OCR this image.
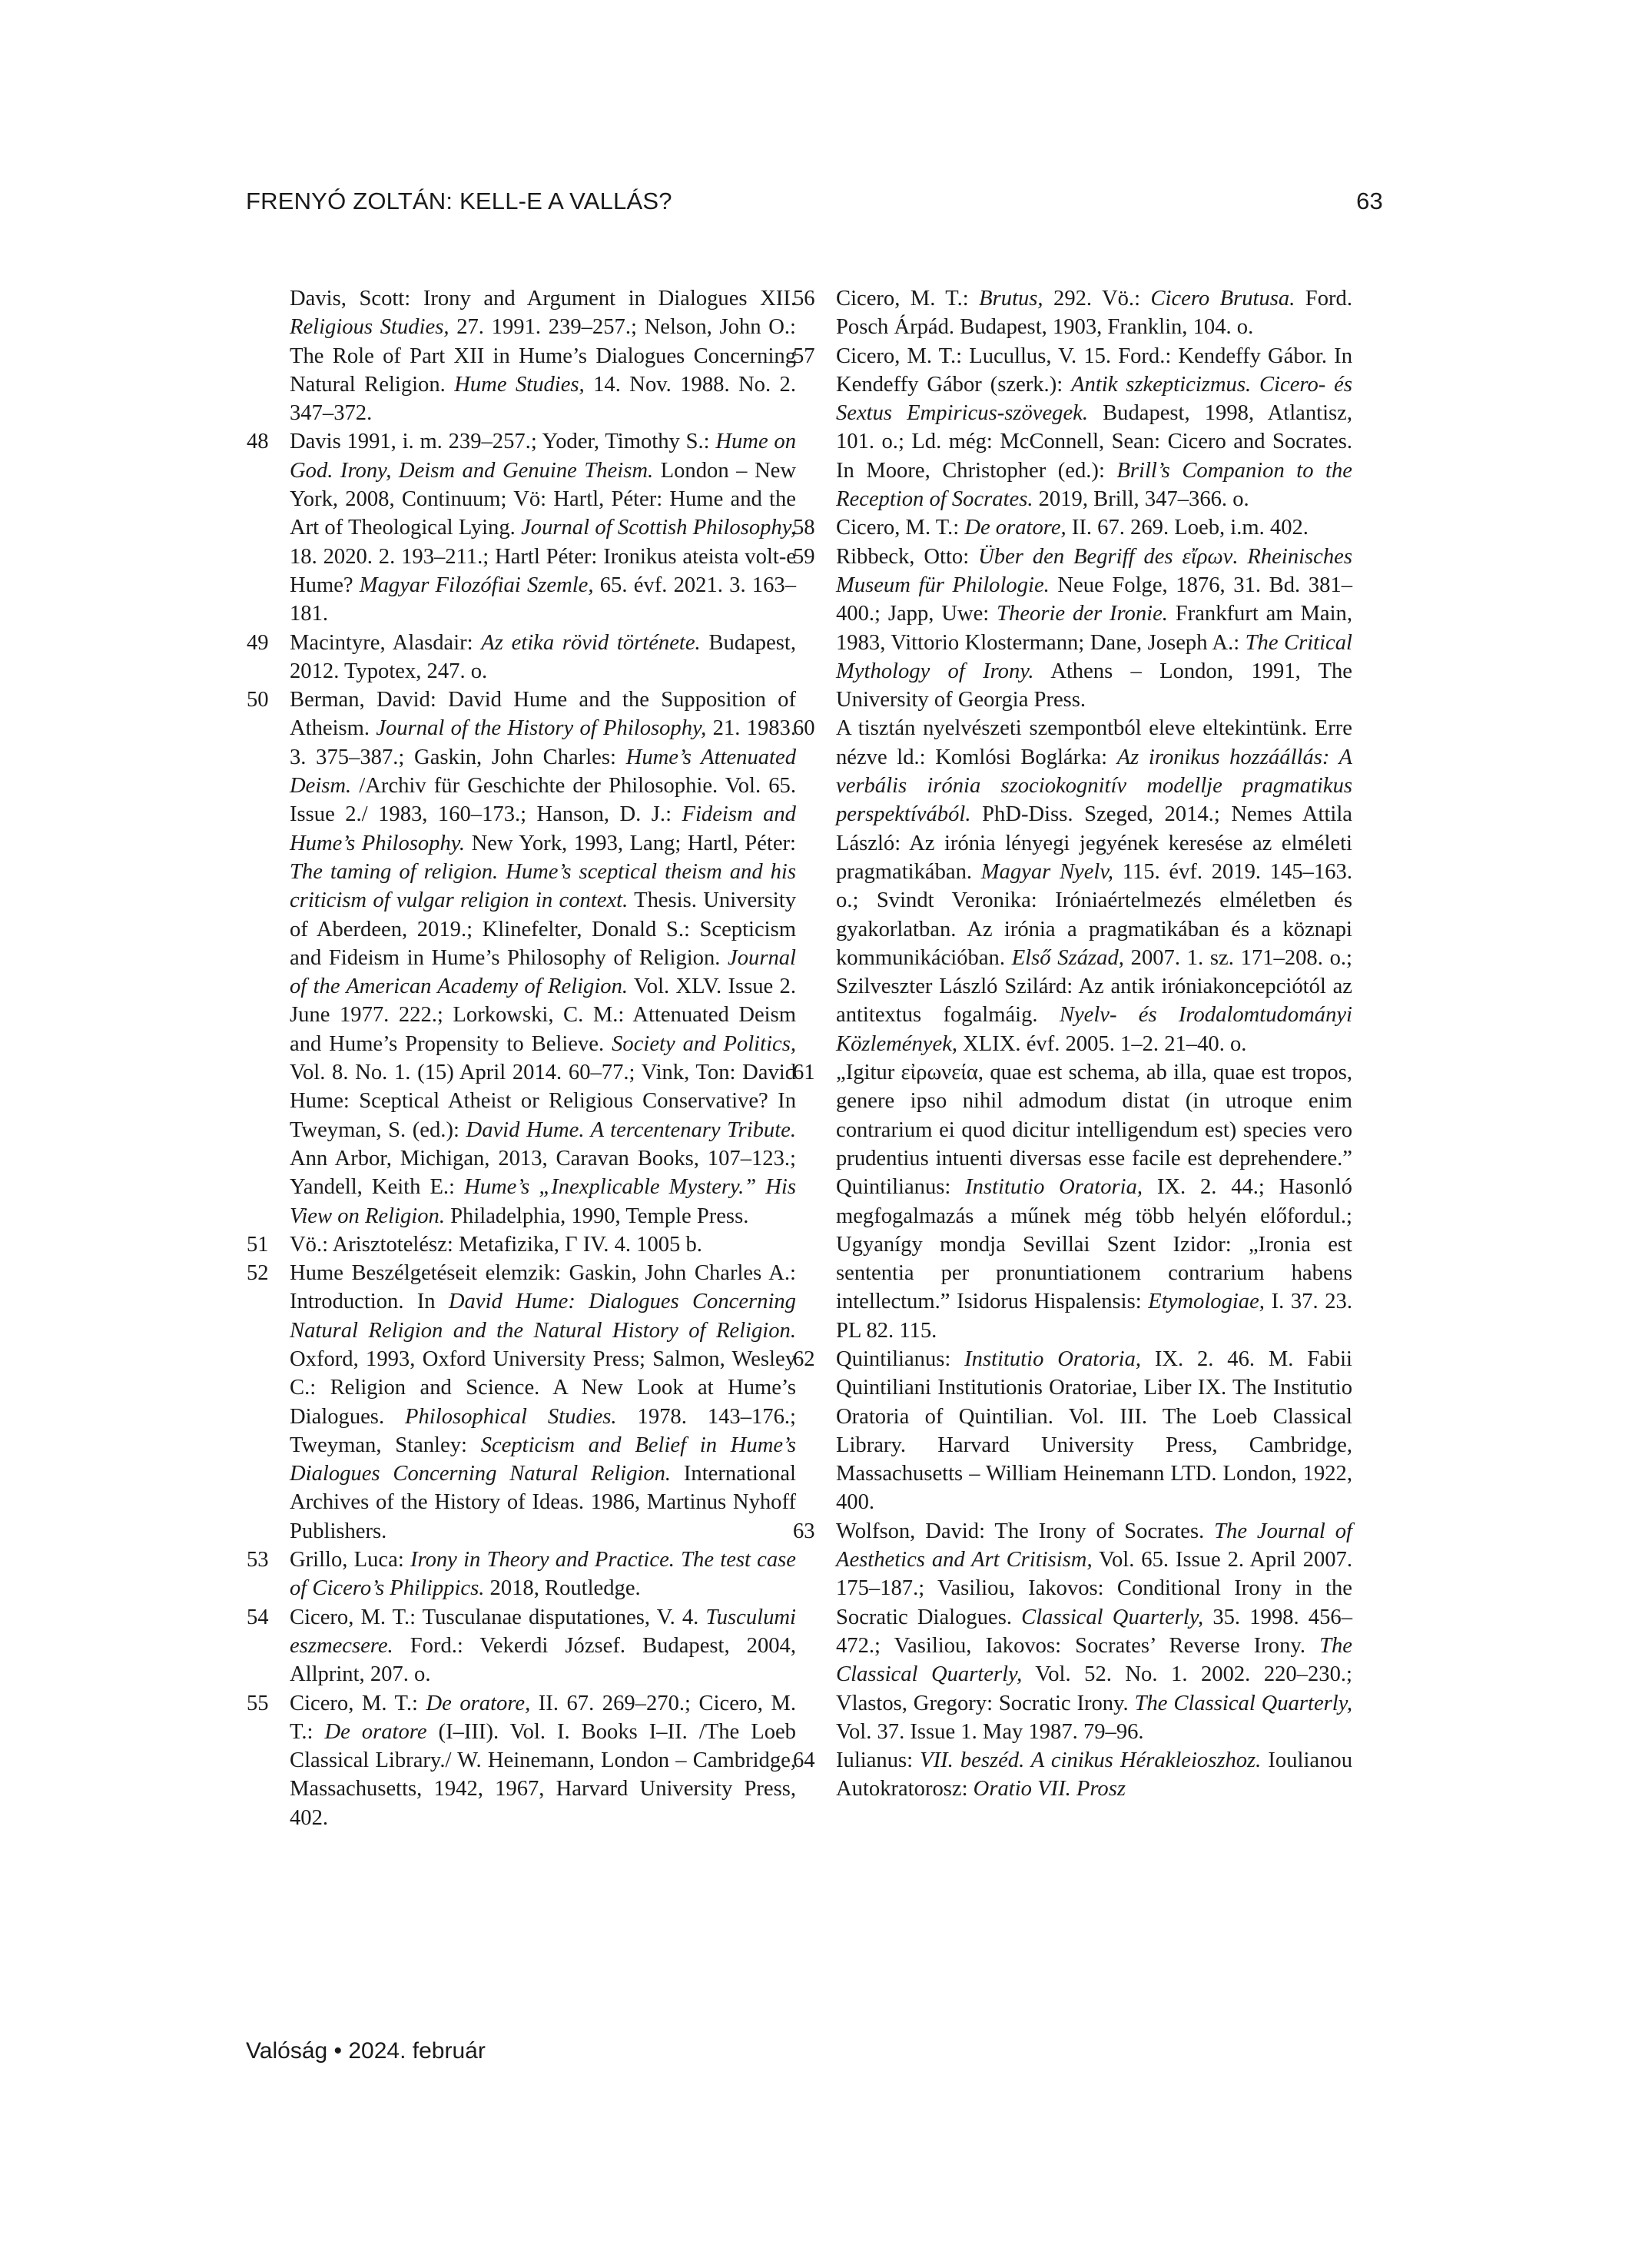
FRENYÓ ZOLTÁN: KELL-E A VALLÁS?	63
Davis, Scott: Irony and Argument in Dialogues XII. Religious Studies, 27. 1991. 239–257.; Nelson, John O.: The Role of Part XII in Hume’s Dialogues Concerning Natural Religion. Hume Studies, 14. Nov. 1988. No. 2. 347–372.
48 Davis 1991, i. m. 239–257.; Yoder, Timothy S.: Hume on God. Irony, Deism and Genuine Theism. London – New York, 2008, Continuum; Vö: Hartl, Péter: Hume and the Art of Theological Lying. Journal of Scottish Philosophy, 18. 2020. 2. 193–211.; Hartl Péter: Ironikus ateista volt-e Hume? Magyar Filozófiai Szemle, 65. évf. 2021. 3. 163–181.
49 Macintyre, Alasdair: Az etika rövid története. Budapest, 2012. Typotex, 247. o.
50 Berman, David: David Hume and the Supposition of Atheism. Journal of the History of Philosophy, 21. 1983. 3. 375–387.; Gaskin, John Charles: Hume’s Attenuated Deism. /Archiv für Geschichte der Philosophie. Vol. 65. Issue 2./ 1983, 160–173.; Hanson, D. J.: Fideism and Hume’s Philosophy. New York, 1993, Lang; Hartl, Péter: The taming of religion. Hume’s sceptical theism and his criticism of vulgar religion in context. Thesis. University of Aberdeen, 2019.; Klinefelter, Donald S.: Scepticism and Fideism in Hume’s Philosophy of Religion. Journal of the American Academy of Religion. Vol. XLV. Issue 2. June 1977. 222.; Lorkowski, C. M.: Attenuated Deism and Hume’s Propensity to Believe. Society and Politics, Vol. 8. No. 1. (15) April 2014. 60–77.; Vink, Ton: David Hume: Sceptical Atheist or Religious Conservative? In Tweyman, S. (ed.): David Hume. A tercentenary Tribute. Ann Arbor, Michigan, 2013, Caravan Books, 107–123.; Yandell, Keith E.: Hume’s „Inexplicable Mystery.” His View on Religion. Philadelphia, 1990, Temple Press.
51 Vö.: Arisztotelész: Metafizika, Γ IV. 4. 1005 b.
52 Hume Beszélgetéseit elemzik: Gaskin, John Charles A.: Introduction. In David Hume: Dialogues Concerning Natural Religion and the Natural History of Religion. Oxford, 1993, Oxford University Press; Salmon, Wesley C.: Religion and Science. A New Look at Hume’s Dialogues. Philosophical Studies. 1978. 143–176.; Tweyman, Stanley: Scepticism and Belief in Hume’s Dialogues Concerning Natural Religion. International Archives of the History of Ideas. 1986, Martinus Nyhoff Publishers.
53 Grillo, Luca: Irony in Theory and Practice. The test case of Cicero’s Philippics. 2018, Routledge.
54 Cicero, M. T.: Tusculanae disputationes, V. 4. Tusculumi eszmecsere. Ford.: Vekerdi József. Budapest, 2004, Allprint, 207. o.
55 Cicero, M. T.: De oratore, II. 67. 269–270.; Cicero, M. T.: De oratore (I–III). Vol. I. Books I–II. /The Loeb Classical Library./ W. Heinemann, London – Cambridge, Massachusetts, 1942, 1967, Harvard University Press, 402.
56 Cicero, M. T.: Brutus, 292. Vö.: Cicero Brutusa. Ford. Posch Árpád. Budapest, 1903, Franklin, 104. o.
57 Cicero, M. T.: Lucullus, V. 15. Ford.: Kendeffy Gábor. In Kendeffy Gábor (szerk.): Antik szkepticizmus. Cicero- és Sextus Empiricus-szövegek. Budapest, 1998, Atlantisz, 101. o.; Ld. még: McConnell, Sean: Cicero and Socrates. In Moore, Christopher (ed.): Brill’s Companion to the Reception of Socrates. 2019, Brill, 347–366. o.
58 Cicero, M. T.: De oratore, II. 67. 269. Loeb, i.m. 402.
59 Ribbeck, Otto: Über den Begriff des εἴρων. Rheinisches Museum für Philologie. Neue Folge, 1876, 31. Bd. 381–400.; Japp, Uwe: Theorie der Ironie. Frankfurt am Main, 1983, Vittorio Klostermann; Dane, Joseph A.: The Critical Mythology of Irony. Athens – London, 1991, The University of Georgia Press.
60 A tisztán nyelvészeti szempontból eleve eltekintünk. Erre nézve ld.: Komlósi Boglárka: Az ironikus hozzáállás: A verbális irónia szociokognitív modellje pragmatikus perspektívából. PhD-Diss. Szeged, 2014.; Nemes Attila László: Az irónia lényegi jegyének keresése az elméleti pragmatikában. Magyar Nyelv, 115. évf. 2019. 145–163. o.; Svindt Veronika: Iróniaértelmezés elméletben és gyakorlatban. Az irónia a pragmatikában és a köznapi kommunikációban. Első Század, 2007. 1. sz. 171–208. o.; Szilveszter László Szilárd: Az antik iróniakoncepciótól az antitextus fogalmáig. Nyelv- és Irodalomtudományi Közlemények, XLIX. évf. 2005. 1–2. 21–40. o.
61 „Igitur εἰρωνεία, quae est schema, ab illa, quae est tropos, genere ipso nihil admodum distat (in utroque enim contrarium ei quod dicitur intelligendum est) species vero prudentius intuenti diversas esse facile est deprehendere.” Quintilianus: Institutio Oratoria, IX. 2. 44.; Hasonló megfogalmazás a műnek még több helyén előfordul.; Ugyanígy mondja Sevillai Szent Izidor: „Ironia est sententia per pronuntiationem contrarium habens intellectum.” Isidorus Hispalensis: Etymologiae, I. 37. 23. PL 82. 115.
62 Quintilianus: Institutio Oratoria, IX. 2. 46. M. Fabii Quintiliani Institutionis Oratoriae, Liber IX. The Institutio Oratoria of Quintilian. Vol. III. The Loeb Classical Library. Harvard University Press, Cambridge, Massachusetts – William Heinemann LTD. London, 1922, 400.
63 Wolfson, David: The Irony of Socrates. The Journal of Aesthetics and Art Critisism, Vol. 65. Issue 2. April 2007. 175–187.; Vasiliou, Iakovos: Conditional Irony in the Socratic Dialogues. Classical Quarterly, 35. 1998. 456–472.; Vasiliou, Iakovos: Socrates’ Reverse Irony. The Classical Quarterly, Vol. 52. No. 1. 2002. 220–230.; Vlastos, Gregory: Socratic Irony. The Classical Quarterly, Vol. 37. Issue 1. May 1987. 79–96.
64 Iulianus: VII. beszéd. A cinikus Hérakleioszhoz. Ioulianou Autokratorosz: Oratio VII. Prosz
Valóság • 2024. február
